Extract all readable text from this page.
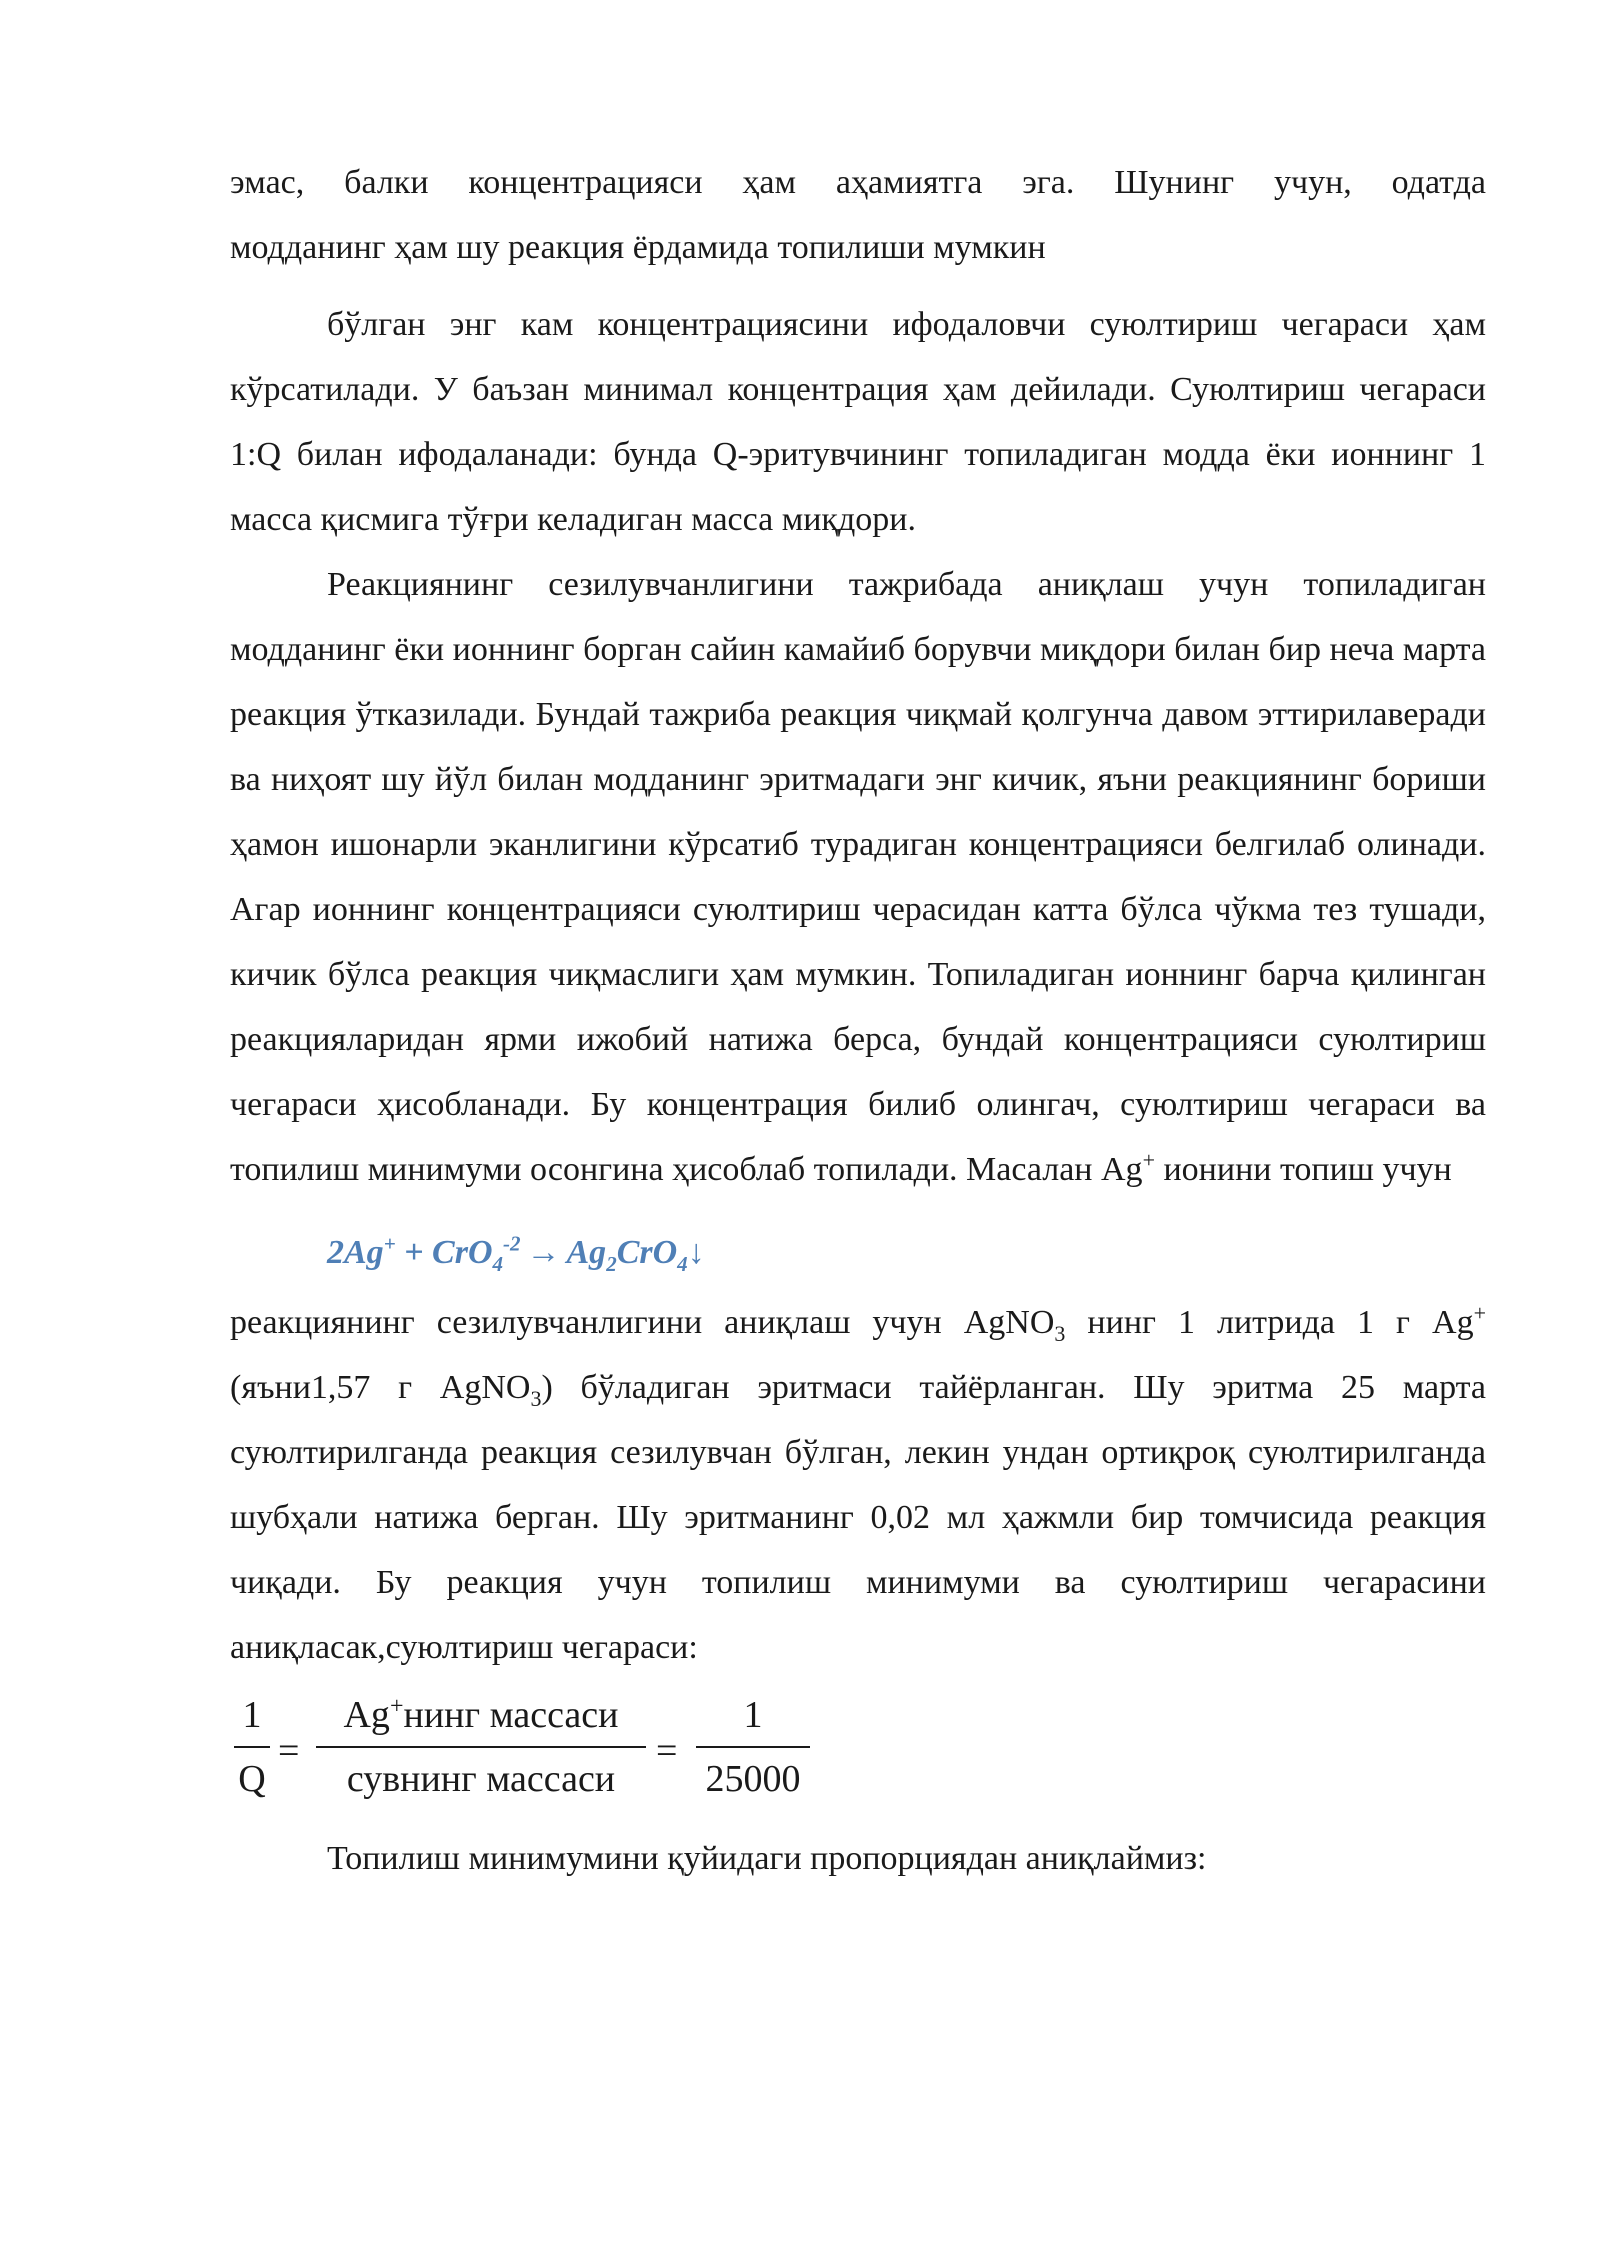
эмас, балки концентрацияси ҳам аҳамиятга эга. Шунинг учун, одатда

модданинг ҳам шу реакция ёрдамида топилиши мумкин

бўлган энг кам концентрациясини ифодаловчи суюлтириш чегараси ҳам кўрсатилади. У баъзан минимал концентрация ҳам дейилади. Суюлтириш чегараси 1:Q билан ифодаланади: бунда Q-эритувчининг топиладиган модда ёки ионнинг 1 масса қисмига тўғри келадиган масса миқдори.

Реакциянинг сезилувчанлигини тажрибада аниқлаш учун топиладиган модданинг ёки ионнинг борган сайин камайиб борувчи миқдори билан бир неча марта реакция ўтказилади. Бундай тажриба реакция чиқмай қолгунча давом эттирилаверади ва ниҳоят шу йўл билан модданинг эритмадаги энг кичик, яъни реакциянинг бориши ҳамон ишонарли эканлигини кўрсатиб турадиган концентрацияси белгилаб олинади. Агар ионнинг концентрацияси суюлтириш черасидан катта бўлса чўкма тез тушади, кичик бўлса реакция чиқмаслиги ҳам мумкин. Топиладиган ионнинг барча қилинган реакцияларидан ярми ижобий натижа берса, бундай концентрацияси суюлтириш чегараси ҳисобланади. Бу концентрация билиб олингач, суюлтириш чегараси ва топилиш минимуми осонгина ҳисоблаб топилади. Масалан Ag+ ионини топиш учун

$2Ag^+ + CrO_4^{-2} \to Ag_2CrO_4↓$

реакциянинг сезилувчанлигини аниқлаш учун AgNO$_3$ нинг 1 литрида 1 г Ag+ (яъни1,57 г AgNO$_3$) бўладиган эритмаси тайёрланган. Шу эритма 25 марта суюлтирилганда реакция сезилувчан бўлган, лекин ундан ортиқроқ суюлтирилганда шубҳали натижа берган. Шу эритманинг 0,02 мл ҳажмли бир томчисида реакция чиқади. Бу реакция учун топилиш минимуми ва суюлтириш чегарасини аниқласак,суюлтириш чегараси:

1
Q
=
Ag+нинг массаси
сувнинг массаси
=
1
25000

Топилиш минимумини қуйидаги пропорциядан аниқлаймиз:
